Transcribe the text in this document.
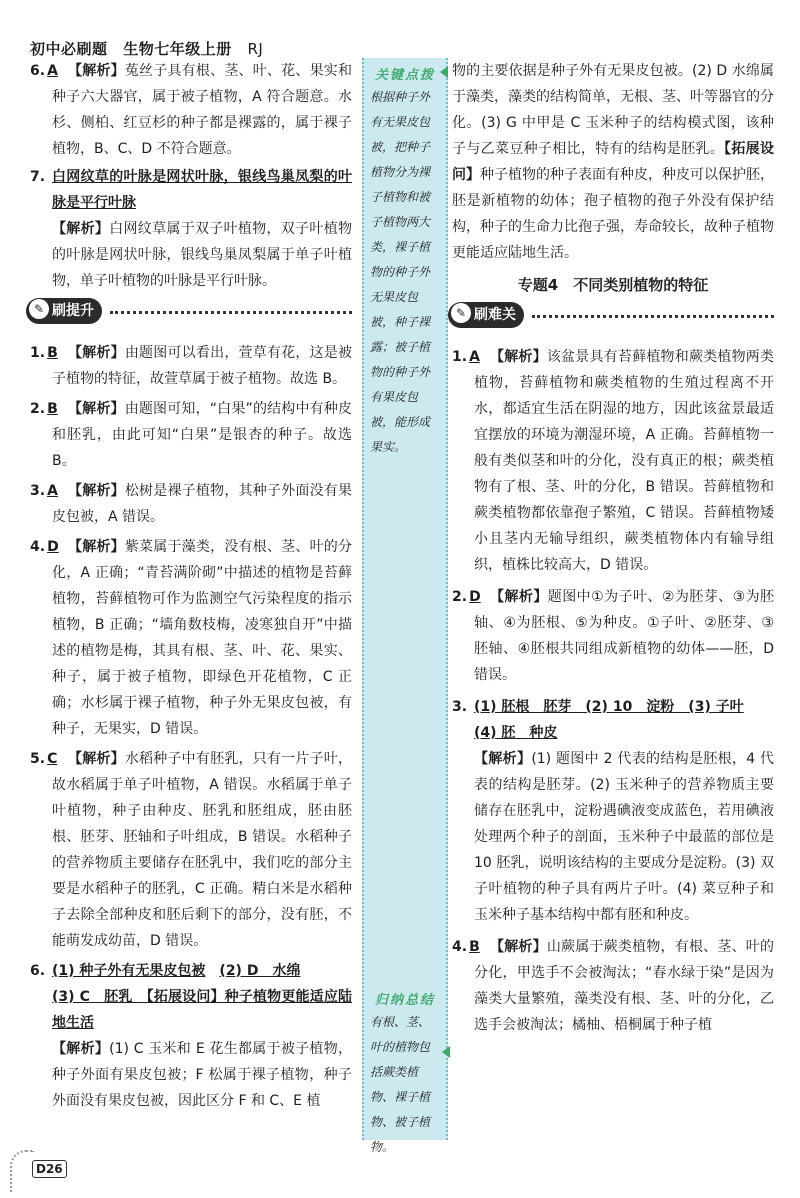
初中必刷题 生物七年级上册 RJ
6. A 【解析】菟丝子具有根、茎、叶、花、果实和种子六大器官，属于被子植物，A 符合题意。水杉、侧柏、红豆杉的种子都是裸露的，属于裸子植物，B、C、D 不符合题意。
7. 白网纹草的叶脉是网状叶脉，银线鸟巢凤梨的叶脉是平行叶脉
【解析】白网纹草属于双子叶植物，双子叶植物的叶脉是网状叶脉，银线鸟巢凤梨属于单子叶植物，单子叶植物的叶脉是平行叶脉。
✎ 刷提升
1. B 【解析】由题图可以看出，萱草有花，这是被子植物的特征，故萱草属于被子植物。故选 B。
2. B 【解析】由题图可知，“白果”的结构中有种皮和胚乳，由此可知“白果”是银杏的种子。故选 B。
3. A 【解析】松树是裸子植物，其种子外面没有果皮包被，A 错误。
4. D 【解析】紫菜属于藻类，没有根、茎、叶的分化，A 正确；“青苔满阶砌”中描述的植物是苔藓植物，苔藓植物可作为监测空气污染程度的指示植物，B 正确；“墙角数枝梅，凌寒独自开”中描述的植物是梅，其具有根、茎、叶、花、果实、种子，属于被子植物，即绿色开花植物，C 正确；水杉属于裸子植物，种子外无果皮包被，有种子，无果实，D 错误。
5. C 【解析】水稻种子中有胚乳，只有一片子叶，故水稻属于单子叶植物，A 错误。水稻属于单子叶植物，种子由种皮、胚乳和胚组成，胚由胚根、胚芽、胚轴和子叶组成，B 错误。水稻种子的营养物质主要储存在胚乳中，我们吃的部分主要是水稻种子的胚乳，C 正确。精白米是水稻种子去除全部种皮和胚后剩下的部分，没有胚，不能萌发成幼苗，D 错误。
6. (1) 种子外有无果皮包被　 (2) D　水绵
(3) C　胚乳　【拓展设问】种子植物更能适应陆地生活
【解析】(1) C 玉米和 E 花生都属于被子植物，种子外面有果皮包被；F 松属于裸子植物，种子外面没有果皮包被，因此区分 F 和 C、E 植
关键点拨
根据种子外有无果皮包被，把种子植物分为裸子植物和被子植物两大类，裸子植物的种子外无果皮包被，种子裸露；被子植物的种子外有果皮包被，能形成果实。
归纳总结
有根、茎、叶的植物包括蕨类植物、裸子植物、被子植物。
物的主要依据是种子外有无果皮包被。(2) D 水绵属于藻类，藻类的结构简单，无根、茎、叶等器官的分化。(3) G 中甲是 C 玉米种子的结构模式图，该种子与乙菜豆种子相比，特有的结构是胚乳。【拓展设问】种子植物的种子表面有种皮，种皮可以保护胚，胚是新植物的幼体；孢子植物的孢子外没有保护结构，种子的生命力比孢子强，寿命较长，故种子植物更能适应陆地生活。
专题4　不同类别植物的特征
✎ 刷难关
1. A 【解析】该盆景具有苔藓植物和蕨类植物两类植物，苔藓植物和蕨类植物的生殖过程离不开水，都适宜生活在阴湿的地方，因此该盆景最适宜摆放的环境为潮湿环境，A 正确。苔藓植物一般有类似茎和叶的分化，没有真正的根；蕨类植物有了根、茎、叶的分化，B 错误。苔藓植物和蕨类植物都依靠孢子繁殖，C 错误。苔藓植物矮小且茎内无输导组织，蕨类植物体内有输导组织，植株比较高大，D 错误。
2. D 【解析】题图中①为子叶、②为胚芽、③为胚轴、④为胚根、⑤为种皮。①子叶、②胚芽、③胚轴、④胚根共同组成新植物的幼体——胚，D 错误。
3. (1) 胚根　胚芽　(2) 10　淀粉　(3) 子叶
(4) 胚　种皮
【解析】(1) 题图中 2 代表的结构是胚根，4 代表的结构是胚芽。(2) 玉米种子的营养物质主要储存在胚乳中，淀粉遇碘液变成蓝色，若用碘液处理两个种子的剖面，玉米种子中最蓝的部位是 10 胚乳，说明该结构的主要成分是淀粉。(3) 双子叶植物的种子具有两片子叶。(4) 菜豆种子和玉米种子基本结构中都有胚和种皮。
4. B 【解析】山蕨属于蕨类植物，有根、茎、叶的分化，甲选手不会被淘汰；“春水绿于染”是因为藻类大量繁殖，藻类没有根、茎、叶的分化，乙选手会被淘汰；橘柚、梧桐属于种子植
D26
